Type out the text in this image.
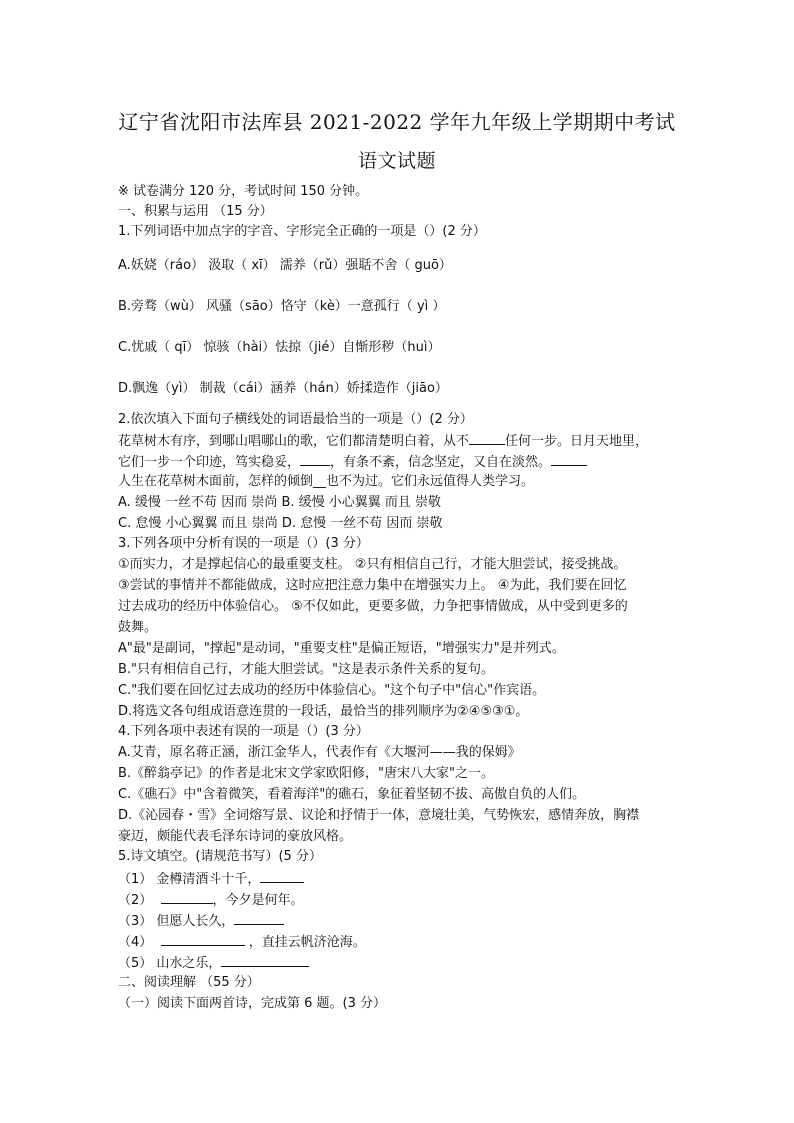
辽宁省沈阳市法库县 2021-2022 学年九年级上学期期中考试
语文试题
※ 试卷满分 120 分，考试时间 150 分钟。
一、积累与运用 （15 分）
1.下列词语中加点字的字音、字形完全正确的一项是（）(2 分）
A.妖娆（ráo） 汲取（ xī） 濡养（rǔ）强聒不舍（ guō）
B.旁骛（wù） 风骚（sāo）恪守（kè）一意孤行（ yì ）
C.忧戚（ qī） 惊骇（hài）怯掠（jié）自惭形秽（huì）
D.飘逸（yì） 制裁（cái）涵养（hán）娇揉造作（jiāo）
2.依次填入下面句子横线处的词语最恰当的一项是（）(2 分）
花草树木有序，到哪山唱哪山的歌，它们都清楚明白着，从不	任何一步。日月天地里，
它们一步一个印迹，笃实稳妥， ，有条不紊，信念坚定，又自在淡然。
人生在花草树木面前，怎样的倾倒__也不为过。它们永远值得人类学习。
A. 缓慢 一丝不苟 因而 崇尚 B. 缓慢 小心翼翼 而且 崇敬
C. 怠慢 小心翼翼 而且 崇尚 D. 怠慢 一丝不苟 因而 崇敬
3.下列各项中分析有误的一项是（）(3 分）
①而实力，才是撑起信心的最重要支柱。 ②只有相信自己行，才能大胆尝试，接受挑战。
③尝试的事情并不都能做成，这时应把注意力集中在增强实力上。 ④为此，我们要在回忆
过去成功的经历中体验信心。 ⑤不仅如此，更要多做，力争把事情做成，从中受到更多的
鼓舞。
A"最"是副词，"撑起"是动词，"重要支柱"是偏正短语，"增强实力"是并列式。
B."只有相信自己行，才能大胆尝试。"这是表示条件关系的复句。
C."我们要在回忆过去成功的经历中体验信心。"这个句子中"信心"作宾语。
D.将选文各句组成语意连贯的一段话，最恰当的排列顺序为②④⑤③①。
4.下列各项中表述有误的一项是（）(3 分）
A.艾青，原名蒋正涵，浙江金华人，代表作有《大堰河——我的保姆》
B.《醉翁亭记》的作者是北宋文学家欧阳修，"唐宋八大家"之一。
C.《礁石》中"含着微笑，看着海洋"的礁石，象征着坚韧不拔、高傲自负的人们。
D.《沁园春・雪》全词熔写景、议论和抒情于一体，意境壮美，气势恢宏，感情奔放，胸襟
豪迈，颇能代表毛泽东诗词的豪放风格。
5.诗文填空。(请规范书写）(5 分）
（1） 金樽清酒斗十千，
（2）	，今夕是何年。
（3） 但愿人长久，
（4）	，直挂云帆济沧海。
（5） 山水之乐，
二、阅读理解 （55 分）
（一）阅读下面两首诗，完成第 6 题。(3 分）
